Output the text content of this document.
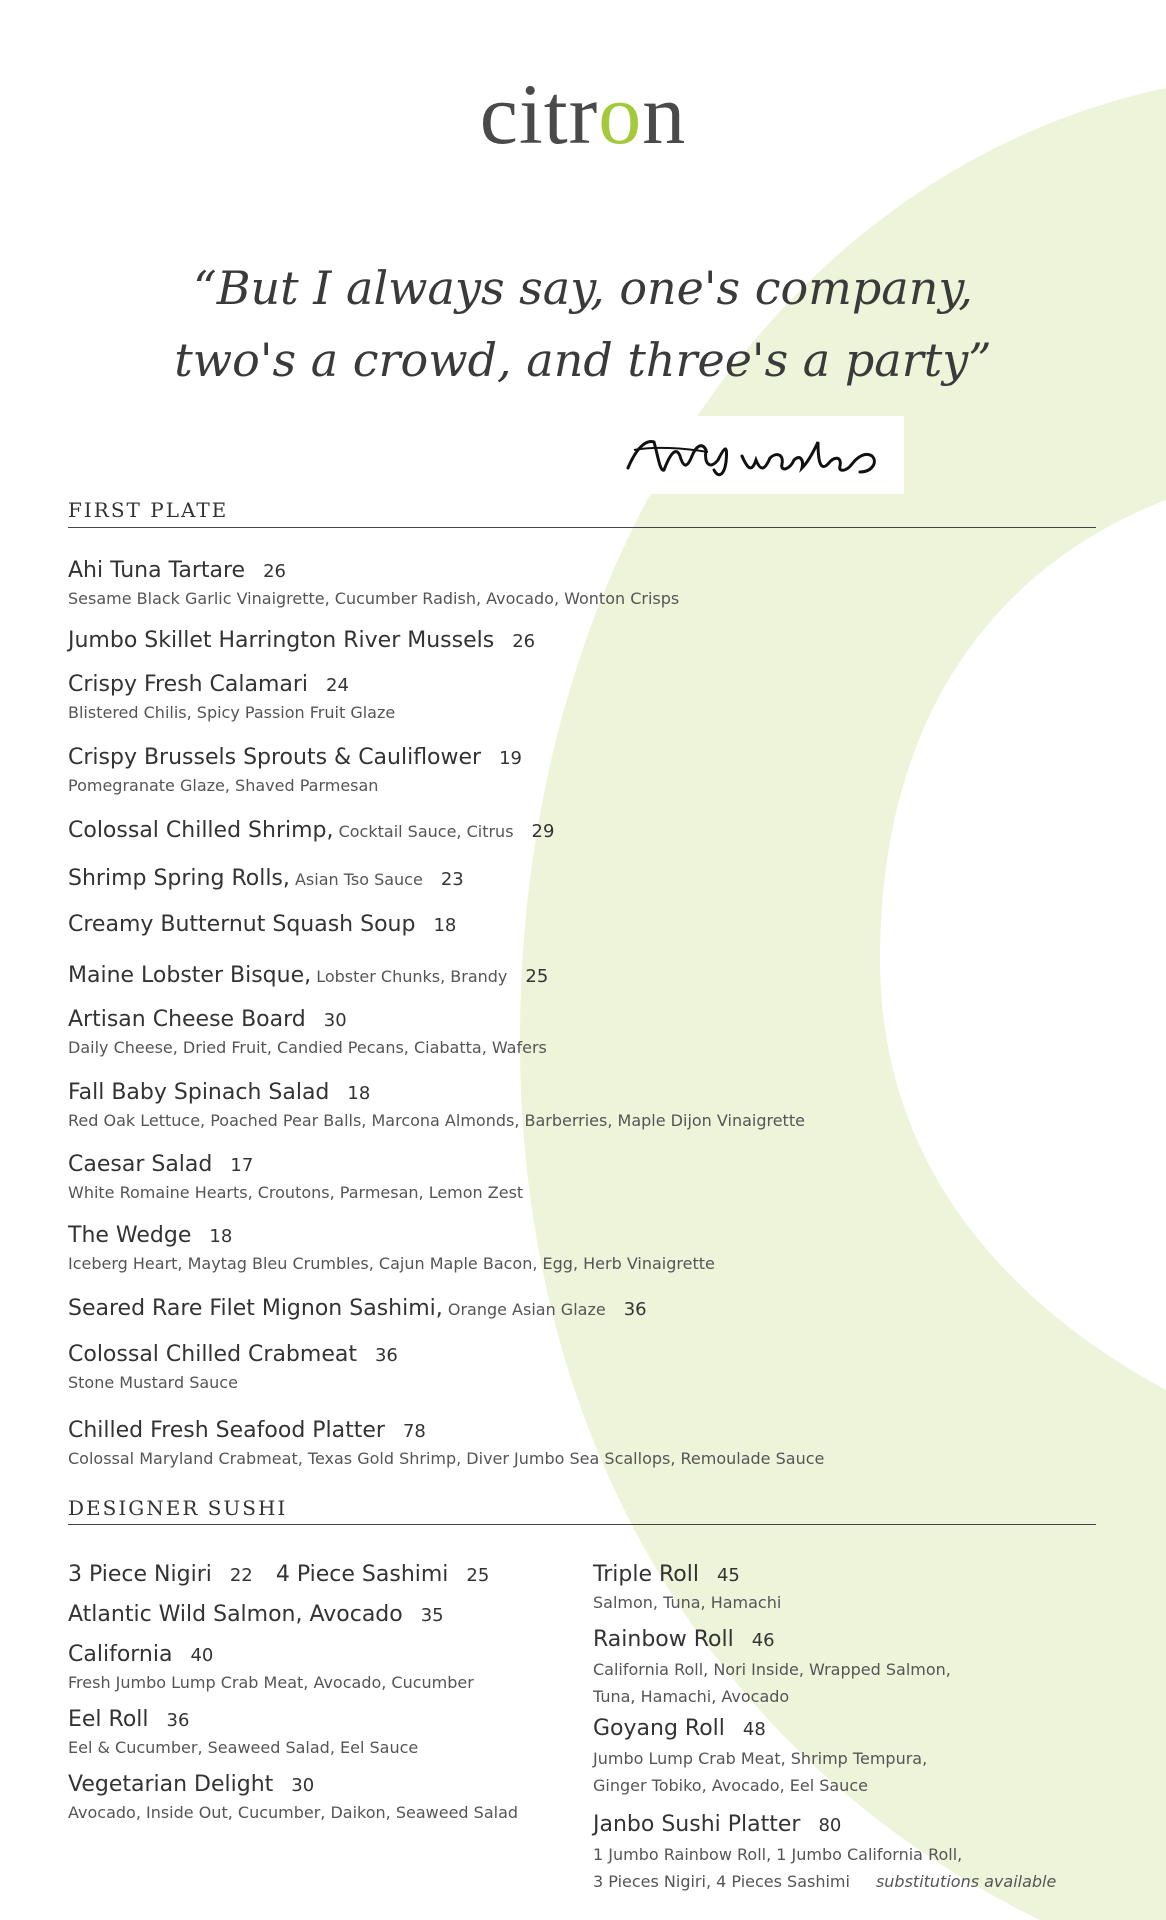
citron
“But I always say, one's company,
two's a crowd, and three's a party”
FIRST PLATE
Ahi Tuna Tartare 26
Sesame Black Garlic Vinaigrette, Cucumber Radish, Avocado, Wonton Crisps
Jumbo Skillet Harrington River Mussels 26
Crispy Fresh Calamari 24
Blistered Chilis, Spicy Passion Fruit Glaze
Crispy Brussels Sprouts & Cauliflower 19
Pomegranate Glaze, Shaved Parmesan
Colossal Chilled Shrimp, Cocktail Sauce, Citrus 29
Shrimp Spring Rolls, Asian Tso Sauce 23
Creamy Butternut Squash Soup 18
Maine Lobster Bisque, Lobster Chunks, Brandy 25
Artisan Cheese Board 30
Daily Cheese, Dried Fruit, Candied Pecans, Ciabatta, Wafers
Fall Baby Spinach Salad 18
Red Oak Lettuce, Poached Pear Balls, Marcona Almonds, Barberries, Maple Dijon Vinaigrette
Caesar Salad 17
White Romaine Hearts, Croutons, Parmesan, Lemon Zest
The Wedge 18
Iceberg Heart, Maytag Bleu Crumbles, Cajun Maple Bacon, Egg, Herb Vinaigrette
Seared Rare Filet Mignon Sashimi, Orange Asian Glaze 36
Colossal Chilled Crabmeat 36
Stone Mustard Sauce
Chilled Fresh Seafood Platter 78
Colossal Maryland Crabmeat, Texas Gold Shrimp, Diver Jumbo Sea Scallops, Remoulade Sauce
DESIGNER SUSHI
3 Piece Nigiri 22 4 Piece Sashimi 25
Atlantic Wild Salmon, Avocado 35
California 40
Fresh Jumbo Lump Crab Meat, Avocado, Cucumber
Eel Roll 36
Eel & Cucumber, Seaweed Salad, Eel Sauce
Vegetarian Delight 30
Avocado, Inside Out, Cucumber, Daikon, Seaweed Salad
Triple Roll 45
Salmon, Tuna, Hamachi
Rainbow Roll 46
California Roll, Nori Inside, Wrapped Salmon,
Tuna, Hamachi, Avocado
Goyang Roll 48
Jumbo Lump Crab Meat, Shrimp Tempura,
Ginger Tobiko, Avocado, Eel Sauce
Janbo Sushi Platter 80
1 Jumbo Rainbow Roll, 1 Jumbo California Roll,
3 Pieces Nigiri, 4 Pieces Sashimi substitutions available
